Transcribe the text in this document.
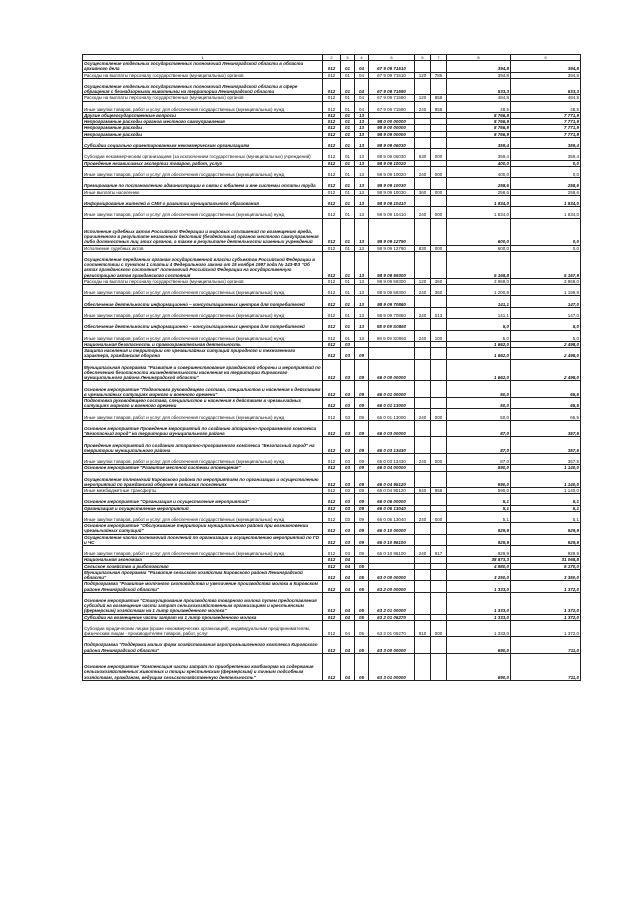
1	2	3	4	5	6	7	8	9
Осуществление отдельных государственных полномочий Ленинградской области в области архивного дела	012	01	04	67 9 09 71510			394,8	394,8
Расходы на выплаты персоналу государственных (муниципальных) органов	012	01	04	67 9 09 71510	120	785	394,8	394,8
Осуществление отдельных государственных полномочий Ленинградской области в сфере обращения с безнадзорными животными на территории Ленинградской области	012	01	04	67 9 09 71590			533,3	533,3
Расходы на выплаты персоналу государственных (муниципальных) органов	012	01	04	67 9 09 71590	120	858	484,8	484,8
Иные закупки товаров, работ и услуг для обеспечения государственных (муниципальных) нужд	012	01	04	67 9 09 71590	240	858	48,5	48,5
Другие общегосударственные вопросы	012	01	13				8 766,9	7 771,9
Непрограммные расходы органов местного самоуправления	012	01	13	98 0 00 00000			8 766,9	7 771,9
Непрограммные расходы	012	01	13	98 9 00 00000			8 766,9	7 771,9
Непрограммные расходы	012	01	13	98 9 09 00000			8 766,9	7 771,9
Субсидии социально ориентированным некоммерческим организациям	012	01	13	98 9 09 06030			359,4	359,4
Субсидии некоммерческим организациям (за исключением государственных (муниципальных) учреждений)	012	01	13	98 9 09 06030	630	000	359,4	359,4
Проведение независимых экспертиз товаров, работ, услуг	012	01	13	98 9 09 10020			400,0	0,0
Иные закупки товаров, работ и услуг для обеспечения государственных (муниципальных) нужд	012	01	13	98 9 09 10020	240	000	400,0	0,0
Премирование по постановлению администрации в связи с юбилеем и вне системы оплаты труда	012	01	13	98 9 09 10030			258,6	258,6
Иные выплаты населению	012	01	13	98 9 09 10030	360	000	258,6	258,6
Информирование жителей в СМИ о развитии муниципального образования	012	01	13	98 9 09 10410			1 834,0	1 834,0
Иные закупки товаров, работ и услуг для обеспечения государственных (муниципальных) нужд	012	01	13	98 9 09 10410	240	000	1 834,0	1 834,0
Исполнение судебных актов Российской Федерации и мировых соглашений по возмещению вреда, причиненного в результате незаконных действий (бездействия) органов местного самоуправления либо должностных лиц этих органов, а также в результате деятельности казенных учреждений	012	01	13	98 9 09 12790			600,0	0,0
Исполнение судебных актов	012	01	13	98 9 09 12790	830	000	600,0	0,0
Осуществление переданных органам государственной власти субъектов Российской Федерации в соответствии с пунктом 1 статьи 4 Федерального закона от 15 ноября 1997 года № 143-ФЗ "Об актах гражданского состояния" полномочий Российской Федерации на государственную регистрацию актов гражданского состояния	012	01	13	98 9 09 59300			5 168,8	5 167,9
Расходы на выплаты персоналу государственных (муниципальных) органов	012	01	13	98 9 09 59300	120	360	3 968,0	3 968,0
Иные закупки товаров, работ и услуг для обеспечения государственных (муниципальных) нужд	012	01	13	98 9 09 59300	240	360	1 200,8	1 199,9
Обеспечение деятельности информационно – консультационных центров для потребителей	012	01	13	98 9 09 70860			141,1	147,0
Иные закупки товаров, работ и услуг для обеспечения государственных (муниципальных) нужд	012	01	13	98 9 09 70860	240	013	141,1	147,0
Обеспечение деятельности информационно – консультационных центров для потребителей	012	01	13	98 9 09 S0860			5,0	5,0
Иные закупки товаров, работ и услуг для обеспечения государственных (муниципальных) нужд	012	01	13	98 9 09 S0860	240	100	5,0	5,0
Национальная безопасность и правоохранительная деятельность	012	03					1 662,0	2 498,0
Защита населения и территории от чрезвычайных ситуаций природного и техногенного характера, гражданская оборона	012	03	09				1 662,0	2 498,0
Муниципальная программа "Развитие и совершенствование гражданской обороны и мероприятий по обеспечению безопасности жизнедеятельности населения на территории Кировского муниципального района Ленинградской области"	012	03	09	66 0 00 00000			1 662,0	2 498,0
Основное мероприятие "Подготовка руководящего состава, специалистов и населения к действиям в чрезвычайных ситуациях мирного и военного времени"	012	03	09	66 0 01 00000			50,0	65,5
Подготовка руководящего состава, специалистов и населения к действиям в чрезвычайных ситуациях мирного и военного времени	012	03	09	66 0 01 13000			50,0	65,5
Иные закупки товаров, работ и услуг для обеспечения государственных (муниципальных) нужд	012	03	09	66 0 01 13000	240	000	50,0	65,5
Основное мероприятие Проведение мероприятий по созданию аппаратно-программного комплекса "Безопасный город" на территории муниципального района	012	03	09	66 0 03 00000			87,0	357,5
Проведение мероприятий по созданию аппаратно-программного комплекса "Безопасный город" на территории муниципального района	012	03	09	66 0 03 13430			87,0	357,5
Иные закупки товаров, работ и услуг для обеспечения государственных (муниципальных) нужд	012	03	09	66 0 03 13430	240	000	87,0	357,5
Основное мероприятие "Развитие местной системы оповещения"	012	03	09	66 0 04 00000			590,0	1 140,0
Осуществление полномочий Кировского района по мероприятиям по организации и осуществлению мероприятий по гражданской обороне в сельских поселениях	012	03	09	66 0 04 95120			590,0	1 140,0
Иные межбюджетные трансферты	012	03	09	66 0 04 95120	540	958	590,0	1 140,0
Основное мероприятие "Организация и осуществление мероприятий"	012	03	09	66 0 06 00000			5,1	5,1
Организация и осуществление мероприятий	012	03	09	66 0 06 13040			5,1	5,1
Иные закупки товаров, работ и услуг для обеспечения государственных (муниципальных) нужд	012	03	09	66 0 06 13040	240	000	5,1	5,1
Основное мероприятие "Обслуживание территории муниципального района при возникновении чрезвычайных ситуаций"	012	03	09	66 0 10 00000			929,9	929,9
Осуществление части полномочий поселений по организации и осуществлению мероприятий по ГО и ЧС	012	03	09	66 0 10 96100			929,9	929,9
Иные закупки товаров, работ и услуг для обеспечения государственных (муниципальных) нужд	012	03	09	66 0 10 96100	240	917	929,9	929,9
Национальная экономика	012	04					38 873,3	31 068,8
Сельское хозяйство и рыболовство	012	04	05				4 980,0	5 170,0
Муниципальная программа "Развитие сельского хозяйства Кировского района Ленинградской области"	012	04	05	63 0 00 00000			3 250,0	3 350,0
Подпрограмма "Развитие молочного скотоводства и увеличение производства молока в Кировском районе Ленинградской области"	012	04	05	63 2 00 00000			1 333,0	1 372,0
Основное мероприятие "Стимулирование производства товарного молока путем предоставления субсидий на возмещение части затрат сельскохозяйственным организациям и крестьянским (фермерским) хозяйствам на 1 литр произведенного молока"	012	04	05	63 2 01 00000			1 333,0	1 372,0
Субсидии на возмещение части затрат на 1 литр произведенного молока	012	04	05	63 2 01 06270			1 333,0	1 372,0
Субсидии юридическим лицам (кроме некоммерческих организаций), индивидуальным предпринимателям, физическим лицам - производителям товаров, работ, услуг	012	04	05	63 2 01 06270	810	000	1 333,0	1 372,0
Подпрограмма "Поддержка малых форм хозяйствования агропромышленного комплекса Кировского района Ленинградской области"	012	04	05	63 3 00 00000			690,0	711,0
Основное мероприятие "Компенсация части затрат по приобретению комбикорма на содержание сельскохозяйственных животных и птицы крестьянским (фермерским) и личным подсобным хозяйствам, гражданам, ведущим сельскохозяйственную деятельность"	012	04	05	63 3 01 00000			690,0	711,0
